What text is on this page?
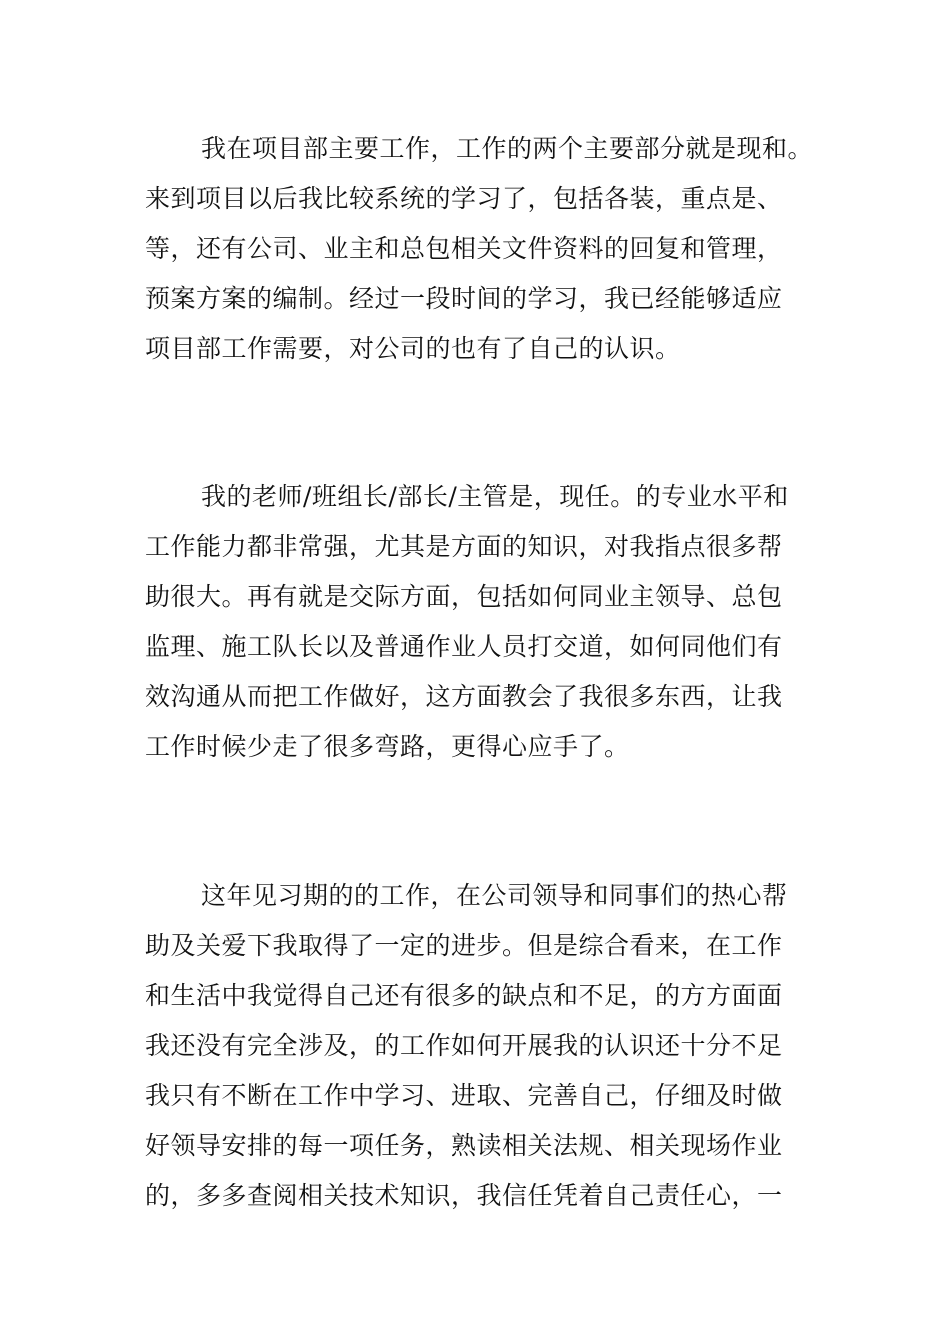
我在项目部主要工作，工作的两个主要部分就是现和。
来到项目以后我比较系统的学习了，包括各装，重点是、
等，还有公司、业主和总包相关文件资料的回复和管理，
预案方案的编制。经过一段时间的学习，我已经能够适应
项目部工作需要，对公司的也有了自己的认识。
我的老师/班组长/部长/主管是，现任。的专业水平和
工作能力都非常强，尤其是方面的知识，对我指点很多帮
助很大。再有就是交际方面，包括如何同业主领导、总包
监理、施工队长以及普通作业人员打交道，如何同他们有
效沟通从而把工作做好，这方面教会了我很多东西，让我
工作时候少走了很多弯路，更得心应手了。
这年见习期的的工作，在公司领导和同事们的热心帮
助及关爱下我取得了一定的进步。但是综合看来，在工作
和生活中我觉得自己还有很多的缺点和不足，的方方面面
我还没有完全涉及，的工作如何开展我的认识还十分不足
我只有不断在工作中学习、进取、完善自己，仔细及时做
好领导安排的每一项任务，熟读相关法规、相关现场作业
的，多多查阅相关技术知识，我信任凭着自己责任心，一
